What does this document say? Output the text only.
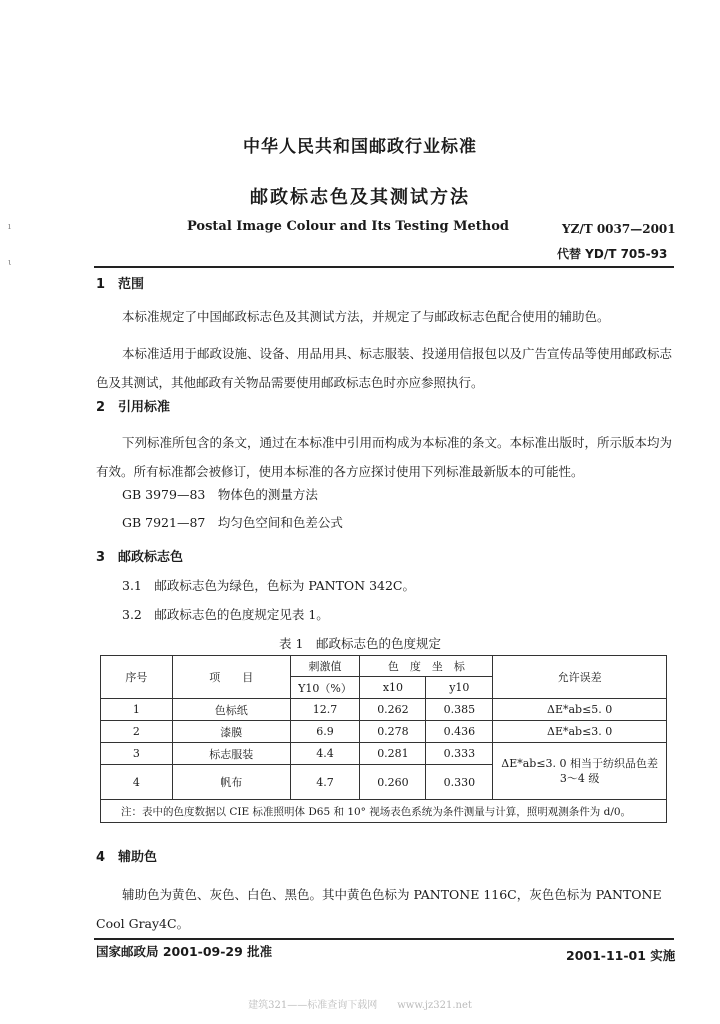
中华人民共和国邮政行业标准
邮政标志色及其测试方法
Postal Image Colour and Its Testing Method	YZ/T 0037—2001
代替 YD/T 705-93
ı
ι
1　范围
本标准规定了中国邮政标志色及其测试方法，并规定了与邮政标志色配合使用的辅助色。
本标准适用于邮政设施、设备、用品用具、标志服装、投递用信报包以及广告宣传品等使用邮政标志色及其测试，其他邮政有关物品需要使用邮政标志色时亦应参照执行。
2　引用标准
下列标准所包含的条文，通过在本标准中引用而构成为本标准的条文。本标准出版时，所示版本均为有效。所有标准都会被修订，使用本标准的各方应探讨使用下列标准最新版本的可能性。
GB 3979—83　物体色的测量方法
GB 7921—87　均匀色空间和色差公式
3　邮政标志色
3.1　邮政标志色为绿色，色标为 PANTON 342C。
3.2　邮政标志色的色度规定见表 1。
表 1　邮政标志色的色度规定
序号	项　　目	刺激值	色　度　坐　标		允许误差
		Y10（%）	x10	y10	
1	色标纸	12.7	0.262	0.385	ΔE*ab≤5. 0
2	漆膜	6.9	0.278	0.436	ΔE*ab≤3. 0
3	标志服装	4.4	0.281	0.333	ΔE*ab≤3. 0 相当于纺织品色差
3～4 级

4	帆布	4.7	0.260	0.330	
注：表中的色度数据以 CIE 标准照明体 D65 和 10° 视场表色系统为条件测量与计算，照明观测条件为 d/0。					
4　辅助色
辅助色为黄色、灰色、白色、黑色。其中黄色色标为 PANTONE 116C，灰色色标为 PANTONE Cool Gray4C。
国家邮政局 2001-09-29 批准	2001-11-01 实施
建筑321——标准查询下载网　　www.jz321.net
